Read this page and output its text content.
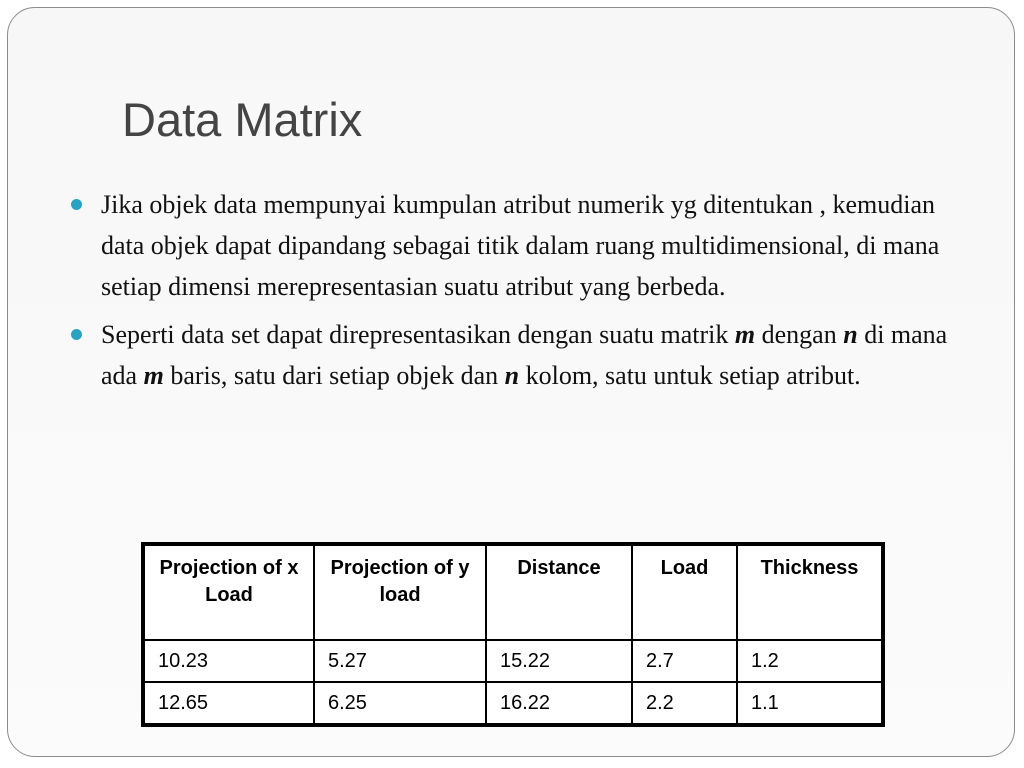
Data Matrix
Jika objek data mempunyai kumpulan atribut numerik yg ditentukan , kemudian data objek dapat dipandang sebagai titik dalam ruang multidimensional, di mana setiap dimensi merepresentasian suatu atribut yang berbeda.
Seperti data set dapat direpresentasikan dengan suatu matrik m dengan n di mana ada m baris, satu dari setiap objek dan n kolom, satu untuk setiap atribut.
Projection of x Load	Projection of y load	Distance	Load	Thickness
10.23	5.27	15.22	2.7	1.2
12.65	6.25	16.22	2.2	1.1
